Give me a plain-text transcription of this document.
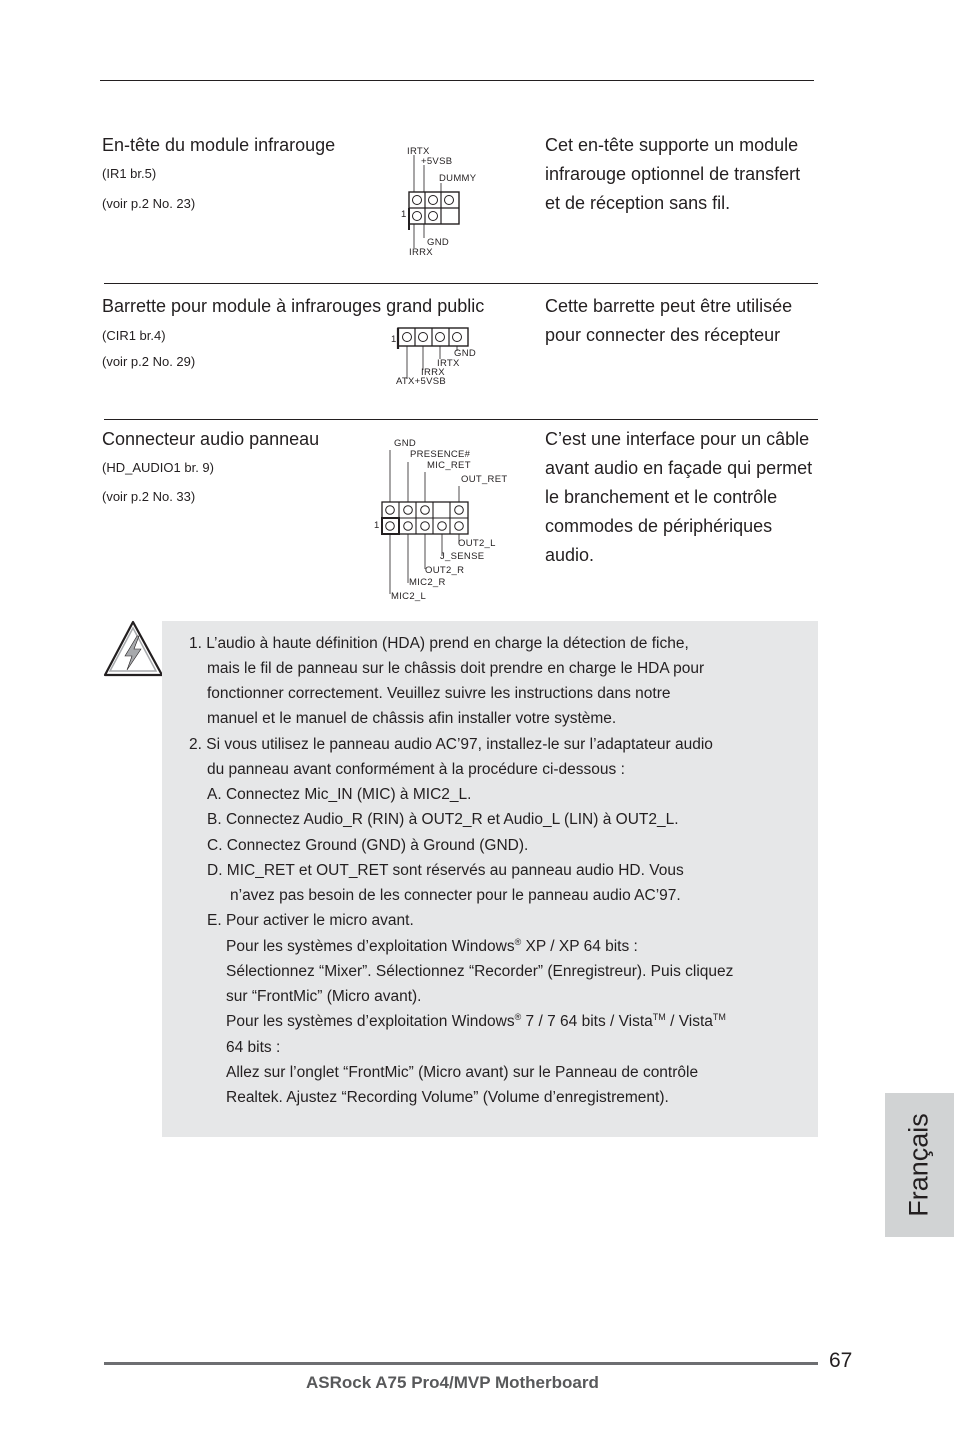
En-tête du module infrarouge
(IR1 br.5)
(voir p.2 No. 23)
Cet en-tête supporte un module infrarouge optionnel de transfert et de réception sans fil.
IRTX
+5VSB
DUMMY
1
GND
IRRX
Barrette pour module à infrarouges grand public
(CIR1 br.4)
(voir p.2 No. 29)
Cette barrette peut être utilisée pour connecter des récepteur
1
GND
IRTX
IRRX
ATX+5VSB
Connecteur audio panneau
(HD_AUDIO1 br. 9)
(voir p.2 No. 33)
C’est une interface pour un câble avant audio en façade qui permet le branchement et le contrôle commodes de périphériques audio.
GND
PRESENCE#
MIC_RET
OUT_RET
1
OUT2_L
J_SENSE
OUT2_R
MIC2_R
MIC2_L
1. L’audio à haute définition (HDA) prend en charge la détection de fiche,
mais le fil de panneau sur le châssis doit prendre en charge le HDA pour
fonctionner correctement. Veuillez suivre les instructions dans notre
manuel et le manuel de châssis afin installer votre système.
2. Si vous utilisez le panneau audio AC’97, installez-le sur l’adaptateur audio
du panneau avant conformément à la procédure ci-dessous :
A. Connectez Mic_IN (MIC) à MIC2_L.
B. Connectez Audio_R (RIN) à OUT2_R et Audio_L (LIN) à OUT2_L.
C. Connectez Ground (GND) à Ground (GND).
D. MIC_RET et OUT_RET sont réservés au panneau audio HD. Vous
n’avez pas besoin de les connecter pour le panneau audio AC’97.
E. Pour activer le micro avant.
Pour les systèmes d’exploitation Windows® XP / XP 64 bits :
Sélectionnez “Mixer”. Sélectionnez “Recorder” (Enregistreur). Puis cliquez
sur “FrontMic” (Micro avant).
Pour les systèmes d’exploitation Windows® 7 / 7 64 bits / Vista™ / Vista™
64 bits :
Allez sur l’onglet “FrontMic” (Micro avant) sur le Panneau de contrôle
Realtek. Ajustez “Recording Volume” (Volume d’enregistrement).
Français
67
ASRock A75 Pro4/MVP Motherboard
